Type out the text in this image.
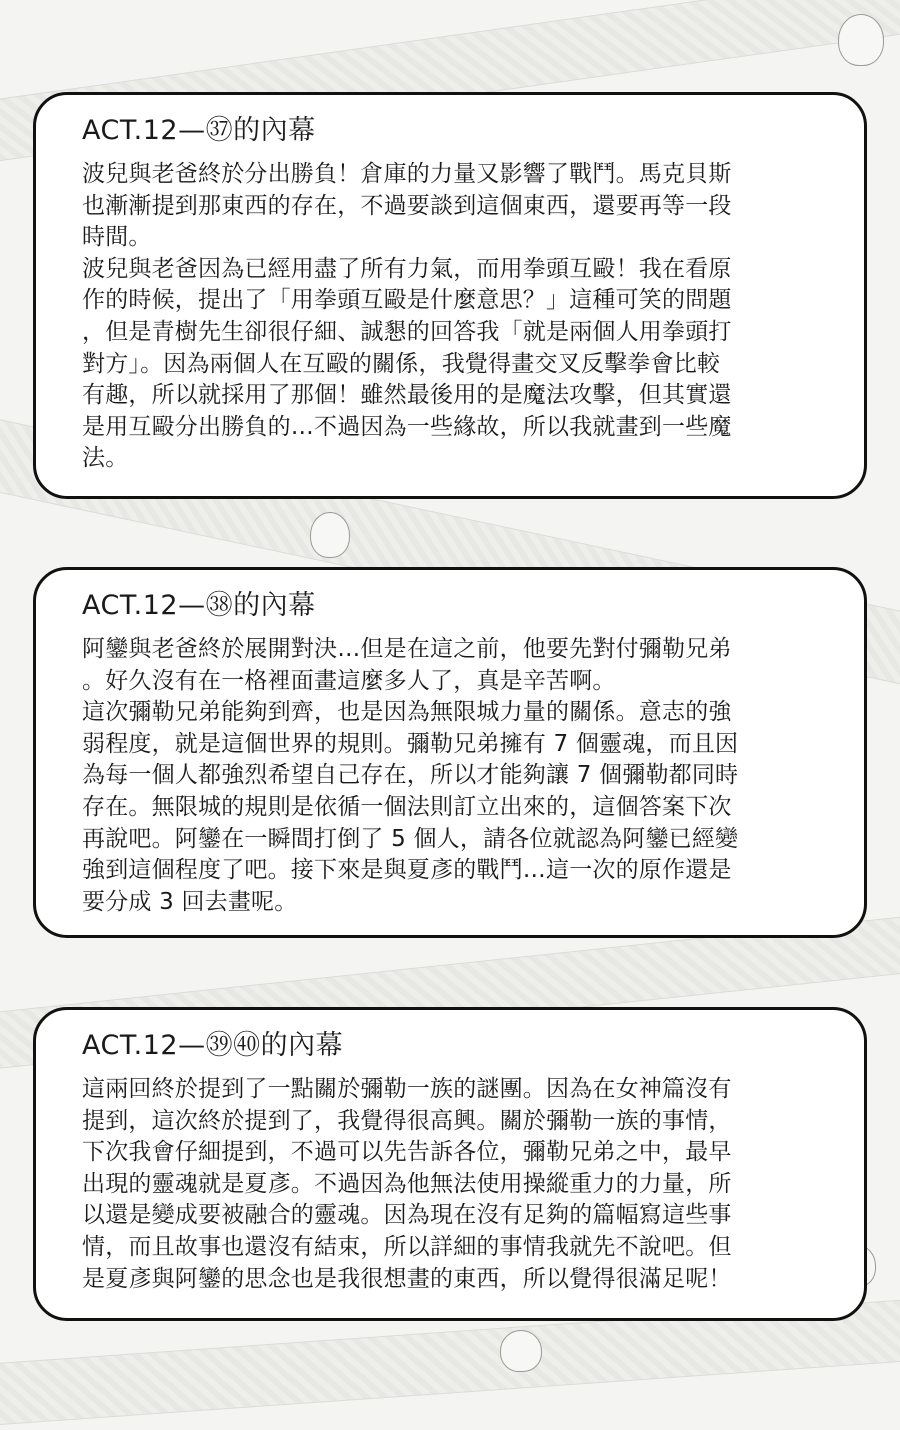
ACT.12—㊲的內幕
波兒與老爸終於分出勝負！倉庫的力量又影響了戰鬥。馬克貝斯
也漸漸提到那東西的存在，不過要談到這個東西，還要再等一段
時間。
波兒與老爸因為已經用盡了所有力氣，而用拳頭互毆！我在看原
作的時候，提出了「用拳頭互毆是什麼意思？」這種可笑的問題
，但是青樹先生卻很仔細、誠懇的回答我「就是兩個人用拳頭打
對方」。因為兩個人在互毆的關係，我覺得畫交叉反擊拳會比較
有趣，所以就採用了那個！雖然最後用的是魔法攻擊，但其實還
是用互毆分出勝負的…不過因為一些緣故，所以我就畫到一些魔
法。
ACT.12—㊳的內幕
阿鑾與老爸終於展開對決…但是在這之前，他要先對付彌勒兄弟
。好久沒有在一格裡面畫這麼多人了，真是辛苦啊。
這次彌勒兄弟能夠到齊，也是因為無限城力量的關係。意志的強
弱程度，就是這個世界的規則。彌勒兄弟擁有 7 個靈魂，而且因
為每一個人都強烈希望自己存在，所以才能夠讓 7 個彌勒都同時
存在。無限城的規則是依循一個法則訂立出來的，這個答案下次
再說吧。阿鑾在一瞬間打倒了 5 個人，請各位就認為阿鑾已經變
強到這個程度了吧。接下來是與夏彥的戰鬥…這一次的原作還是
要分成 3 回去畫呢。
ACT.12—㊴㊵的內幕
這兩回終於提到了一點關於彌勒一族的謎團。因為在女神篇沒有
提到，這次終於提到了，我覺得很高興。關於彌勒一族的事情，
下次我會仔細提到，不過可以先告訴各位，彌勒兄弟之中，最早
出現的靈魂就是夏彥。不過因為他無法使用操縱重力的力量，所
以還是變成要被融合的靈魂。因為現在沒有足夠的篇幅寫這些事
情，而且故事也還沒有結束，所以詳細的事情我就先不說吧。但
是夏彥與阿鑾的思念也是我很想畫的東西，所以覺得很滿足呢！
